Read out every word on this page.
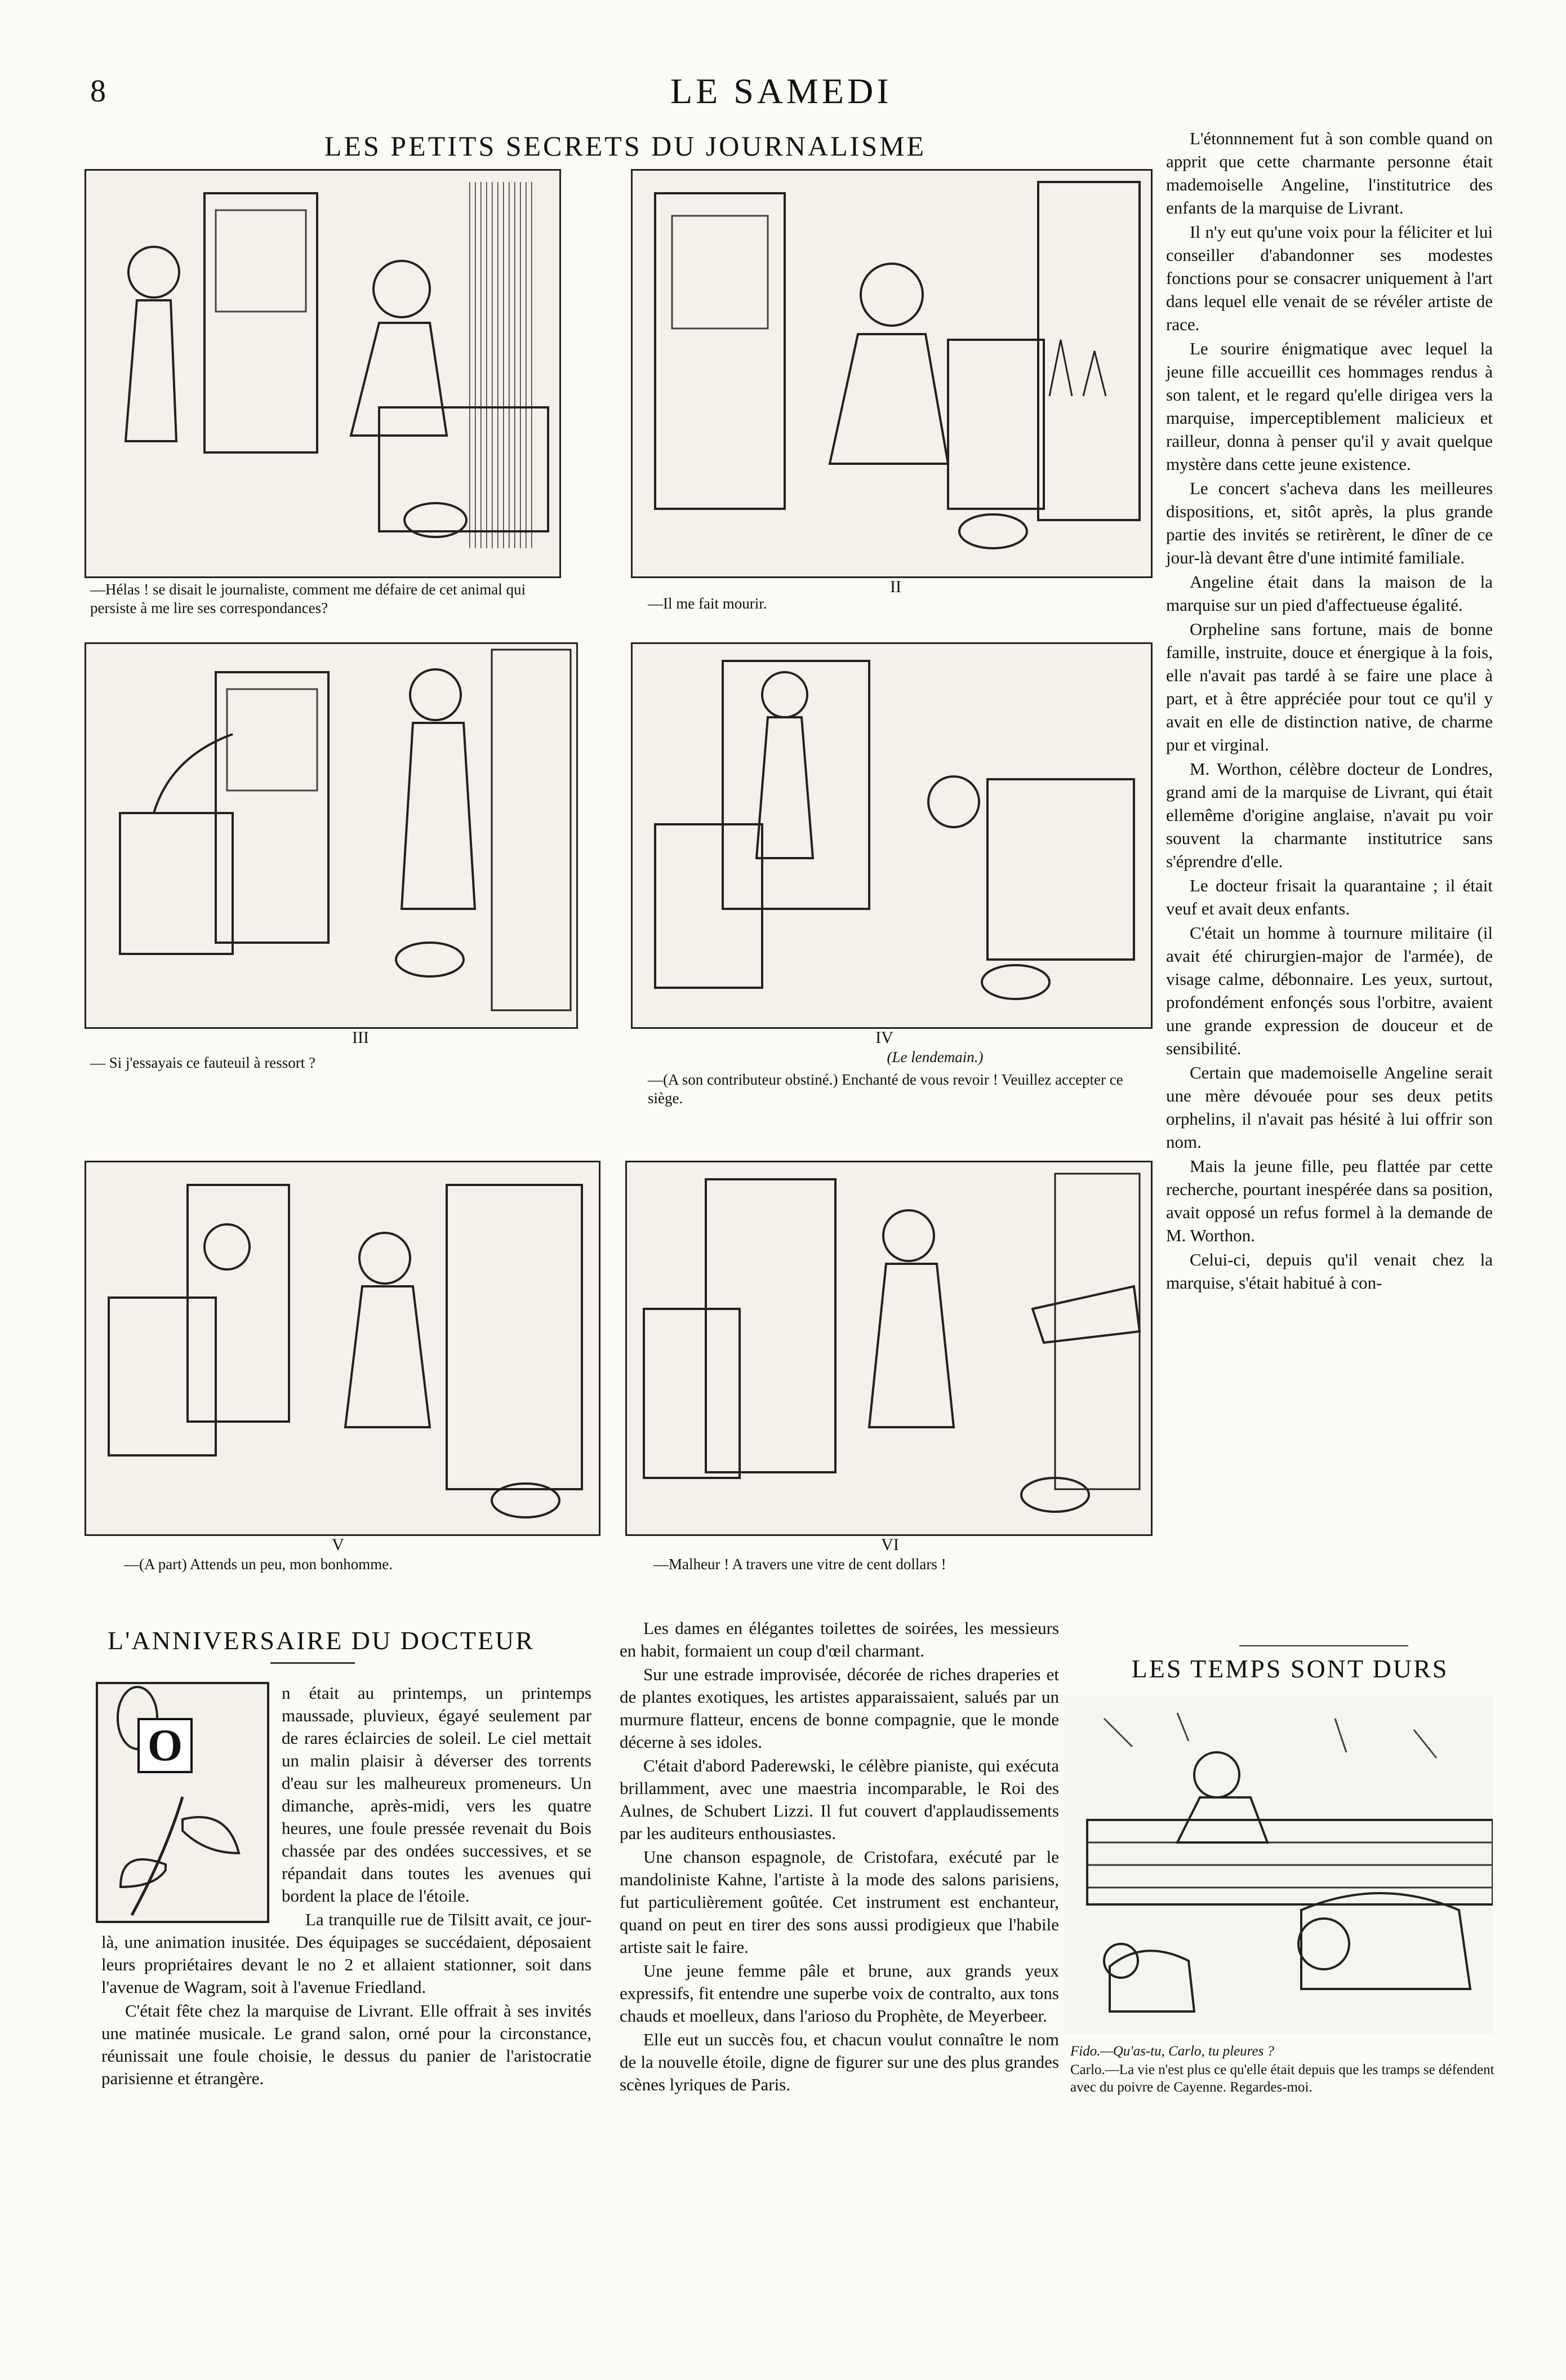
8	LE SAMEDI
LES PETITS SECRETS DU JOURNALISME
—Hélas ! se disait le journaliste, comment me défaire de cet animal qui persiste à me lire ses correspondances?
II
—Il me fait mourir.
III
— Si j'essayais ce fauteuil à ressort ?
IV
(Le lendemain.)
—(A son contributeur obstiné.) Enchanté de vous revoir ! Veuillez accepter ce siège.
V
—(A part) Attends un peu, mon bonhomme.
VI
—Malheur ! A travers une vitre de cent dollars !

L'étonnnement fut à son comble quand on apprit que cette charmante personne était mademoiselle Angeline, l'institutrice des enfants de la marquise de Livrant.

Il n'y eut qu'une voix pour la féliciter et lui conseiller d'abandonner ses modestes fonctions pour se consacrer uniquement à l'art dans lequel elle venait de se révéler artiste de race.

Le sourire énigmatique avec lequel la jeune fille accueillit ces hommages rendus à son talent, et le regard qu'elle dirigea vers la marquise, imperceptiblement malicieux et railleur, donna à penser qu'il y avait quelque mystère dans cette jeune existence.

Le concert s'acheva dans les meilleures dispositions, et, sitôt après, la plus grande partie des invités se retirèrent, le dîner de ce jour-là devant être d'une intimité familiale.

Angeline était dans la maison de la marquise sur un pied d'affectueuse égalité.

Orpheline sans fortune, mais de bonne famille, instruite, douce et énergique à la fois, elle n'avait pas tardé à se faire une place à part, et à être appréciée pour tout ce qu'il y avait en elle de distinction native, de charme pur et virginal.

M. Worthon, célèbre docteur de Londres, grand ami de la marquise de Livrant, qui était ellemême d'origine anglaise, n'avait pu voir souvent la charmante institutrice sans s'éprendre d'elle.

Le docteur frisait la quarantaine ; il était veuf et avait deux enfants.

C'était un homme à tournure militaire (il avait été chirurgien-major de l'armée), de visage calme, débonnaire. Les yeux, surtout, profondément enfonçés sous l'orbitre, avaient une grande expression de douceur et de sensibilité.

Certain que mademoiselle Angeline serait une mère dévouée pour ses deux petits orphelins, il n'avait pas hésité à lui offrir son nom.

Mais la jeune fille, peu flattée par cette recherche, pourtant inespérée dans sa position, avait opposé un refus formel à la demande de M. Worthon.

Celui-ci, depuis qu'il venait chez la marquise, s'était habitué à con-

L'ANNIVERSAIRE DU DOCTEUR
O

n était au printemps, un printemps maussade, pluvieux, égayé seulement par de rares éclaircies de soleil. Le ciel mettait un malin plaisir à déverser des torrents d'eau sur les malheureux promeneurs. Un dimanche, après-midi, vers les quatre heures, une foule pressée revenait du Bois chassée par des ondées successives, et se répandait dans toutes les avenues qui bordent la place de l'étoile.

La tranquille rue de Tilsitt avait, ce jour-là, une animation inusitée. Des équipages se succédaient, déposaient leurs propriétaires devant le no 2 et allaient stationner, soit dans l'avenue de Wagram, soit à l'avenue Friedland.

C'était fête chez la marquise de Livrant. Elle offrait à ses invités une matinée musicale. Le grand salon, orné pour la circonstance, réunissait une foule choisie, le dessus du panier de l'aristocratie parisienne et étrangère.

Les dames en élégantes toilettes de soirées, les messieurs en habit, formaient un coup d'œil charmant.

Sur une estrade improvisée, décorée de riches draperies et de plantes exotiques, les artistes apparaissaient, salués par un murmure flatteur, encens de bonne compagnie, que le monde décerne à ses idoles.

C'était d'abord Paderewski, le célèbre pianiste, qui exécuta brillamment, avec une maestria incomparable, le Roi des Aulnes, de Schubert Lizzi. Il fut couvert d'applaudissements par les auditeurs enthousiastes.

Une chanson espagnole, de Cristofara, exécuté par le mandoliniste Kahne, l'artiste à la mode des salons parisiens, fut particulièrement goûtée. Cet instrument est enchanteur, quand on peut en tirer des sons aussi prodigieux que l'habile artiste sait le faire.

Une jeune femme pâle et brune, aux grands yeux expressifs, fit entendre une superbe voix de contralto, aux tons chauds et moelleux, dans l'arioso du Prophète, de Meyerbeer.

Elle eut un succès fou, et chacun voulut connaître le nom de la nouvelle étoile, digne de figurer sur une des plus grandes scènes lyriques de Paris.

LES TEMPS SONT DURS
Fido.—Qu'as-tu, Carlo, tu pleures ?
Carlo.—La vie n'est plus ce qu'elle était depuis que les tramps se défendent avec du poivre de Cayenne. Regardes-moi.
